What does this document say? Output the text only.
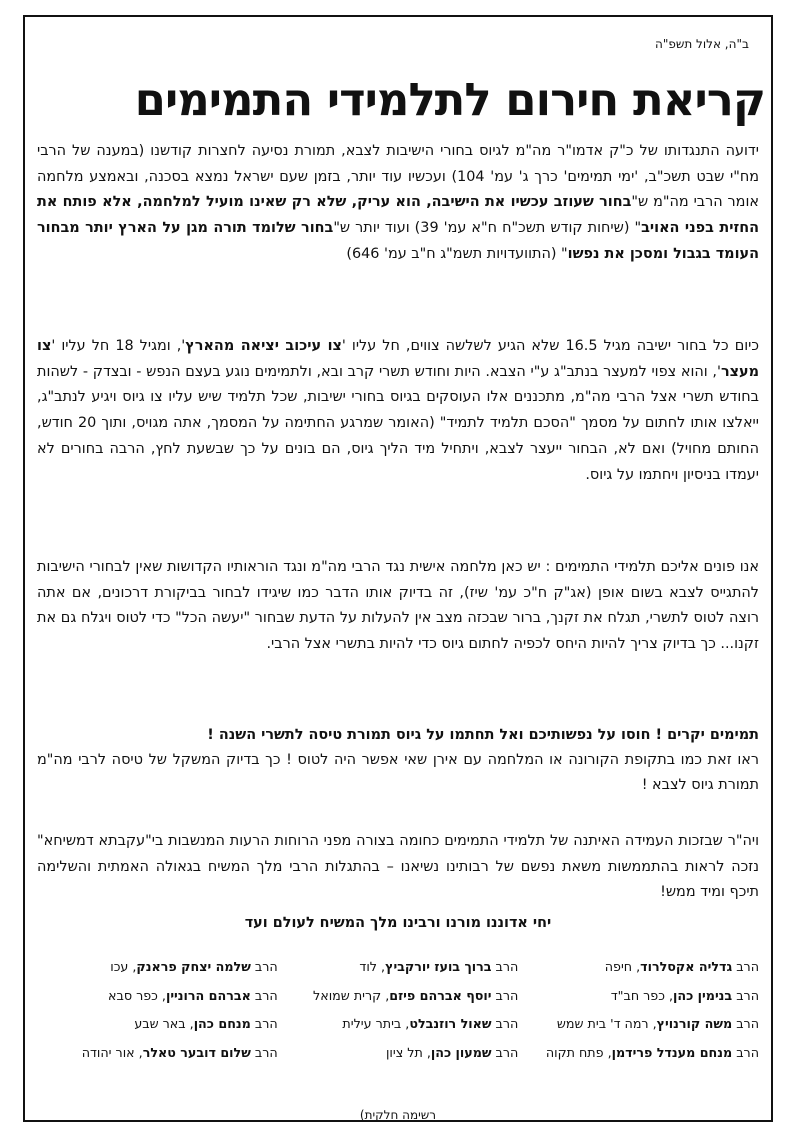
ב"ה, אלול תשפ"ה
קריאת חירום לתלמידי התמימים
ידועה התנגדותו של כ"ק אדמו"ר מה"מ לגיוס בחורי הישיבות לצבא, תמורת נסיעה לחצרות קודשנו (במענה של הרבי מח"י שבט תשכ"ב, 'ימי תמימים' כרך ג' עמ' 104) ועכשיו עוד יותר, בזמן שעם ישראל נמצא בסכנה, ובאמצע מלחמה אומר הרבי מה"מ ש"בחור שעוזב עכשיו את הישיבה, הוא עריק, שלא רק שאינו מועיל למלחמה, אלא פותח את החזית בפני האויב" (שיחות קודש תשכ"ח ח"א עמ' 39) ועוד יותר ש"בחור שלומד תורה מגן על הארץ יותר מבחור העומד בגבול ומסכן את נפשו" (התוועדויות תשמ"ג ח"ב עמ' 646)
כיום כל בחור ישיבה מגיל 16.5 שלא הגיע לשלשה צווים, חל עליו 'צו עיכוב יציאה מהארץ', ומגיל 18 חל עליו 'צו מעצר', והוא צפוי למעצר בנתב"ג ע"י הצבא. היות וחודש תשרי קרב ובא, ולתמימים נוגע בעצם הנפש - ובצדק - לשהות בחודש תשרי אצל הרבי מה"מ, מתכננים אלו העוסקים בגיוס בחורי ישיבות, שכל תלמיד שיש עליו צו גיוס ויגיע לנתב"ג, ייאלצו אותו לחתום על מסמך "הסכם תלמיד לתמיד" (האומר שמרגע החתימה על המסמך, אתה מגויס, ותוך 20 חודש, החותם מחויל) ואם לא, הבחור ייעצר לצבא, ויתחיל מיד הליך גיוס, הם בונים על כך שבשעת לחץ, הרבה בחורים לא יעמדו בניסיון ויחתמו על גיוס.
אנו פונים אליכם תלמידי התמימים : יש כאן מלחמה אישית נגד הרבי מה"מ ונגד הוראותיו הקדושות שאין לבחורי הישיבות להתגייס לצבא בשום אופן (אג"ק ח"כ עמ' שיז), זה בדיוק אותו הדבר כמו שיגידו לבחור בביקורת דרכונים, אם אתה רוצה לטוס לתשרי, תגלח את זקנך, ברור שבכזה מצב אין להעלות על הדעת שבחור "יעשה הכל" כדי לטוס ויגלח גם את זקנו... כך בדיוק צריך להיות היחס לכפיה לחתום גיוס כדי להיות בתשרי אצל הרבי.
תמימים יקרים ! חוסו על נפשותיכם ואל תחתמו על גיוס תמורת טיסה לתשרי השנה !
ראו זאת כמו בתקופת הקורונה או המלחמה עם אירן שאי אפשר היה לטוס ! כך בדיוק המשקל של טיסה לרבי מה"מ תמורת גיוס לצבא !
ויה"ר שבזכות העמידה האיתנה של תלמידי התמימים כחומה בצורה מפני הרוחות הרעות המנשבות בי"עקבתא דמשיחא" נזכה לראות בהתממשות משאת נפשם של רבותינו נשיאנו – בהתגלות הרבי מלך המשיח בגאולה האמתית והשלימה תיכף ומיד ממש!
יחי אדוננו מורנו ורבינו מלך המשיח לעולם ועד
הרב גדליה אקסלרוד, חיפה
הרב ברוך בועז יורקביץ, לוד
הרב שלמה יצחק פראנק, עכו
הרב בנימין כהן, כפר חב"ד
הרב יוסף אברהם פיזם, קרית שמואל
הרב אברהם הרוניין, כפר סבא
הרב משה קורנויץ, רמה ד' בית שמש
הרב שאול רוזנבלט, ביתר עילית
הרב מנחם כהן, באר שבע
הרב מנחם מענדל פרידמן, פתח תקוה
הרב שמעון כהן, תל ציון
הרב שלום דובער טאלר, אור יהודה
רשימה חלקית)
